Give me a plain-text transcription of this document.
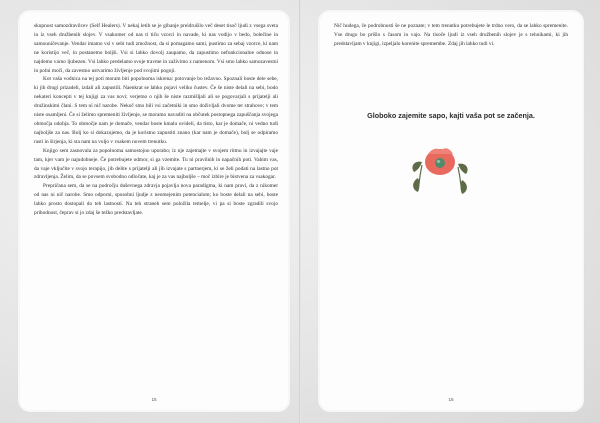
skupnost samozdravilcev (Self Healers). V nekaj letih se je gibanje preidrušilo več deset tisoč ljudi z vsega sveta in iz vseh družbenih slojev. V vsakomer od nas ti tiču vzorci in navade, ki nas vodijo v bedo, bolečine in samouničevanje. Vendar imamo vsi v sebi tudi zmožnost, da si pomagamo sami, pustimo za sebaj vzorce, ki nam ne koristijo več, in postanemo boljši. Vsi si lahko dovolj zaupamo, da zapustimo nefunkcionalne odnose in najdemo varno ljubezen. Vsi lahko predelamo svoje travme in zaživimo z namenom. Vsi smo lahko samozavestni in polni moči, da zavestno ustvarimo življenje pod svojimi pogoji.

Kot vaša vodnica na tej poti moram biti popolnoma iskrena: potovanje bo težavno. Spoznali boste dele sebe, ki jih drugi prizadeli, izdali ali zapustili. Naenkrat se lahko pojavi veliko čustev. Če še niste delali na sebi, bodo nekateri koncepti v tej knjigi za vas novi; verjetno o njih še niste razmišljali ali se pogovarjali s prijatelji ali družinskimi člani. S tem ni nič narobe. Nekoč smo bili vsi začetniki in smo doživljali dvome ter strahove; v tem niste osamljeni. Če si želimo spremeniti življenje, se moramo navaditi na občutek postopnega zapuščanja svojega območja udobja. To območje nam je domače, vendar boste kmalu uvideli, da tisto, kar je domače, ni vedno tudi najboljše za nas. Bolj ko si dokazujemo, da je koristno zapustiti znano (kar nam je domače), bolj se odpiramo rasti in širjenja, ki sta nam na voljo v vsakem novem trenutku.

Knjigo sem zasnovala za popolnoma samostojno uporabo; iz nje zajemajte v svojem ritmu in izvajajte vaje tam, kjer vam je najudobneje. Če potrebujete odmor, si ga vzemite. Tu ni pravilnih in napačnih poti. Vabim vas, da vaje vključite v svojo terapijo, jih delite s prijatelji ali jih izvajate s partnerjem, ki se želi podati na lastno pot zdravljenja. Želim, da se povsem svobodno odločate, kaj je za vas najboljše – moč izbire je bistvena za vsakogar.

Prepričana sem, da se na področju duševnega zdravja pojavlja nova paradigma, ki nam pravi, da z nikomer od nas ni nič narobe. Smo odporni, sposobni ljudje z neomejenim potencialom; ko boste delali na sebi, boste lahko prosto dostopali do teh lastnosti. Na teh straneh sem položila temelje, vi pa si boste zgradili svojo prihodnost, čeprav si jo zdaj še težko predstavljate.

15

Nič hudega, če podrobnosti še ne poznate; v tem trenutku potrebujete le trdno vero, da se lahko spremenite. Vse drugo bo prišlo s časom in vajo. Na tisoče ljudi iz vseh družbenih slojev je s tehnikami, ki jih predstavljam v knjigi, izpeljalo korenite spremembe. Zdaj jih lahko tudi vi.

Globoko zajemite sapo, kajti vaša pot se začenja.
16
